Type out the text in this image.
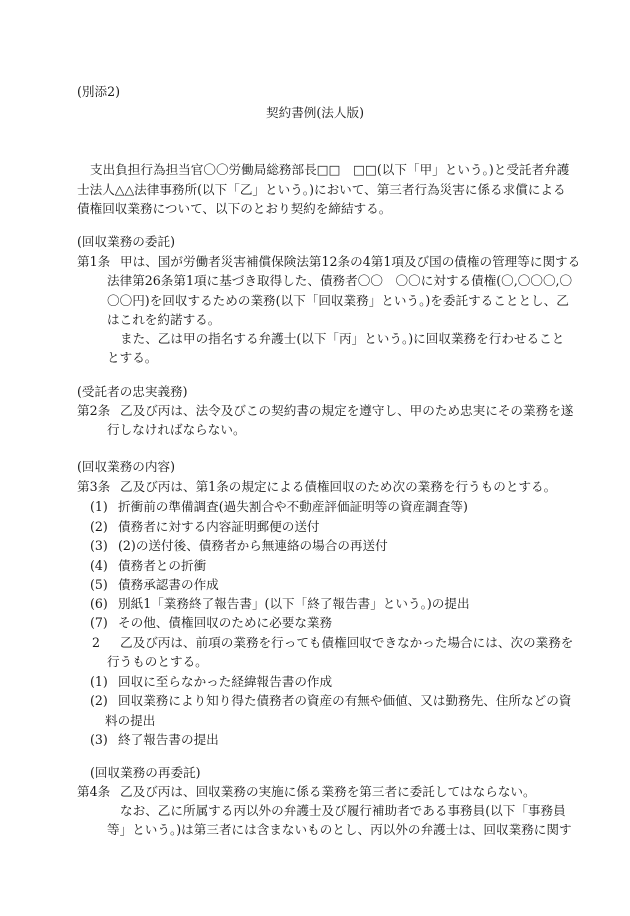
(別添2)
契約書例(法人版)
支出負担行為担当官〇〇労働局総務部長□□　□□(以下「甲」という。)と受託者弁護
士法人△△法律事務所(以下「乙」という。)において、第三者行為災害に係る求償による
債権回収業務について、以下のとおり契約を締結する。
(回収業務の委託)
第1条 甲は、国が労働者災害補償保険法第12条の4第1項及び国の債権の管理等に関する
法律第26条第1項に基づき取得した、債務者〇〇　〇〇に対する債権(〇,〇〇〇,〇
〇〇円)を回収するための業務(以下「回収業務」という。)を委託することとし、乙
はこれを約諾する。
また、乙は甲の指名する弁護士(以下「丙」という。)に回収業務を行わせること
とする。
(受託者の忠実義務)
第2条 乙及び丙は、法令及びこの契約書の規定を遵守し、甲のため忠実にその業務を遂
行しなければならない。
(回収業務の内容)
第3条 乙及び丙は、第1条の規定による債権回収のため次の業務を行うものとする。
(1) 折衝前の準備調査(過失割合や不動産評価証明等の資産調査等)
(2) 債務者に対する内容証明郵便の送付
(3) (2)の送付後、債務者から無連絡の場合の再送付
(4) 債務者との折衝
(5) 債務承認書の作成
(6) 別紙1「業務終了報告書」(以下「終了報告書」という。)の提出
(7) その他、債権回収のために必要な業務
2 乙及び丙は、前項の業務を行っても債権回収できなかった場合には、次の業務を
行うものとする。
(1) 回収に至らなかった経緯報告書の作成
(2) 回収業務により知り得た債務者の資産の有無や価値、又は勤務先、住所などの資
料の提出
(3) 終了報告書の提出
(回収業務の再委託)
第4条 乙及び丙は、回収業務の実施に係る業務を第三者に委託してはならない。
なお、乙に所属する丙以外の弁護士及び履行補助者である事務員(以下「事務員
等」という。)は第三者には含まないものとし、丙以外の弁護士は、回収業務に関す
